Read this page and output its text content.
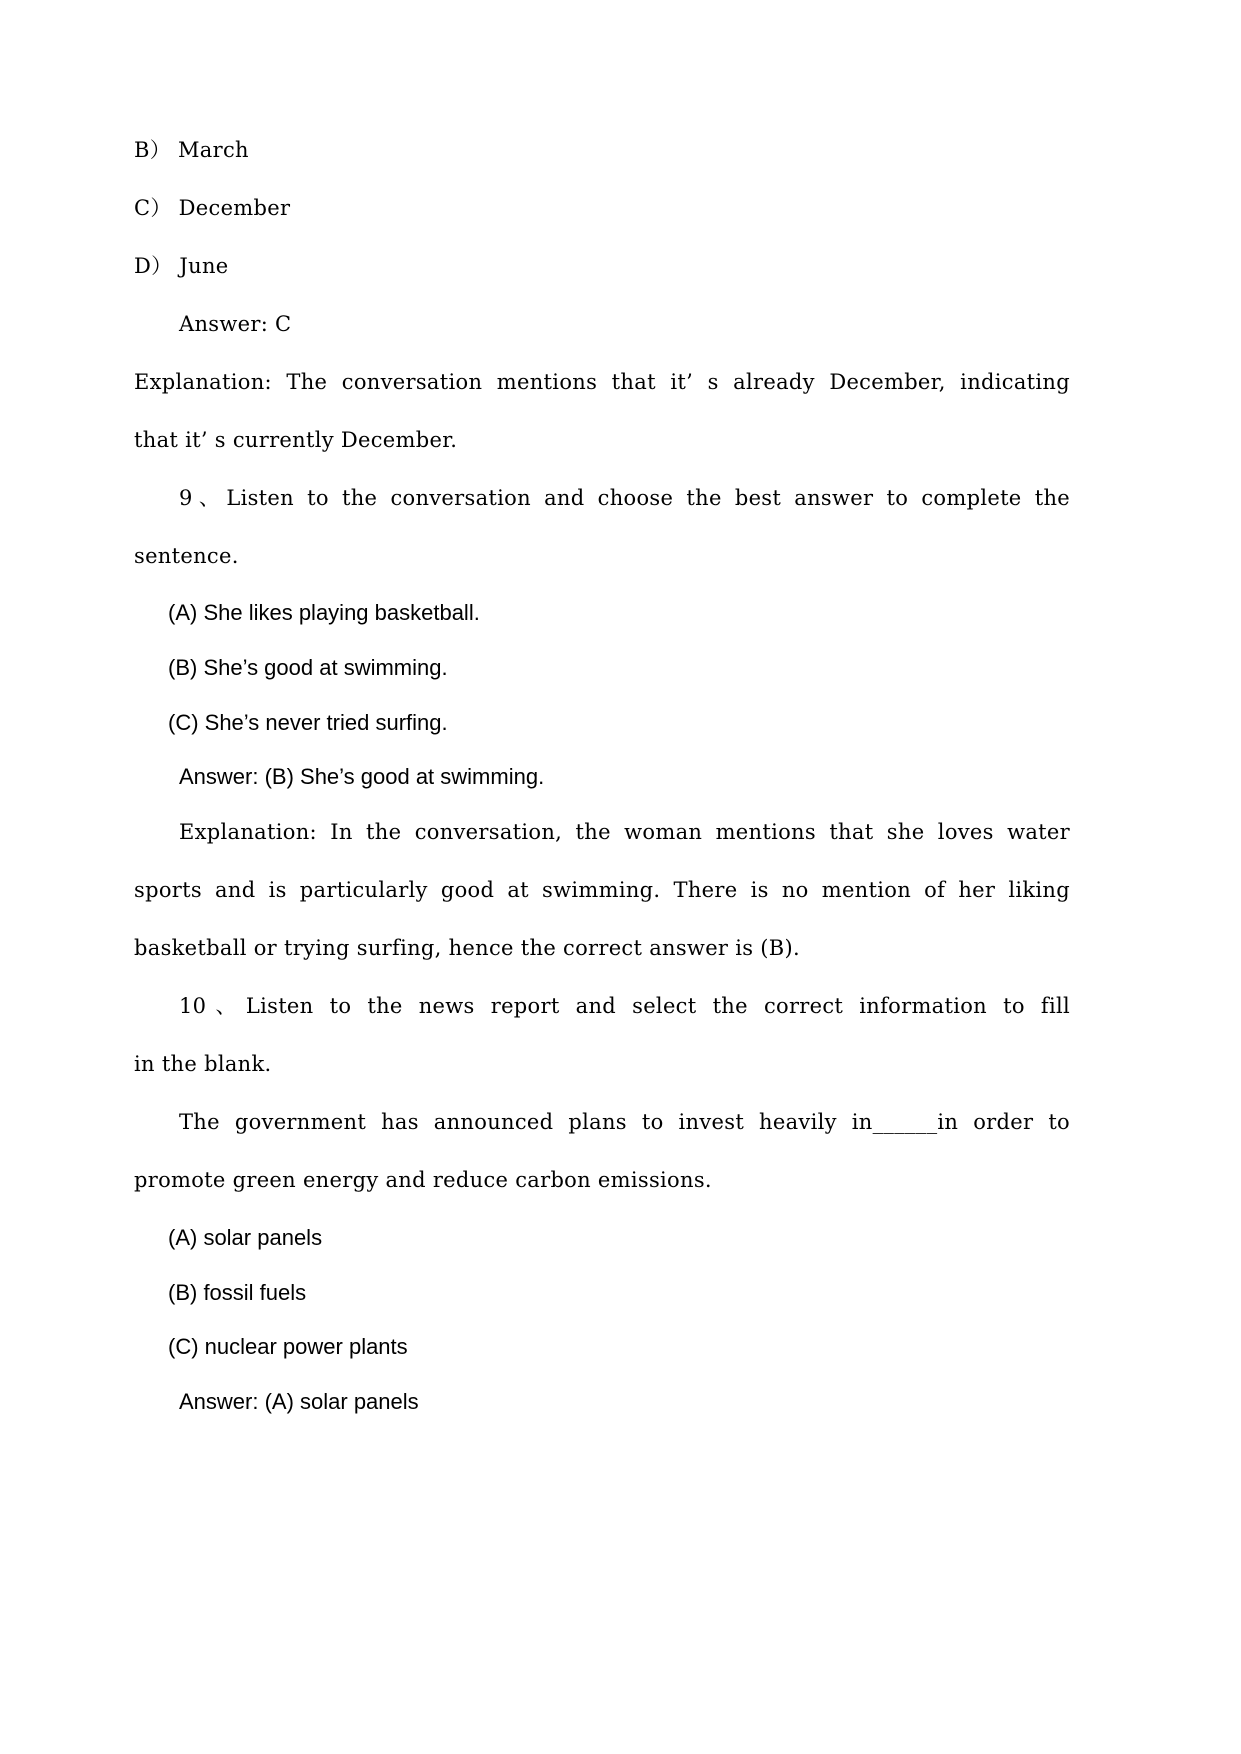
B） March
C） December
D） June
Answer: C
Explanation: The conversation mentions that it’ s already December, indicating
that it’ s currently December.
9、Listen to the conversation and choose the best answer to complete the
sentence.
(A) She likes playing basketball.
(B) She’s good at swimming.
(C) She’s never tried surfing.
Answer: (B) She’s good at swimming.
Explanation: In the conversation, the woman mentions that she loves water
sports and is particularly good at swimming. There is no mention of her liking
basketball or trying surfing, hence the correct answer is (B).
10、Listen to the news report and select the correct information to fill
in the blank.
The government has announced plans to invest heavily in______in order to
promote green energy and reduce carbon emissions.
(A) solar panels
(B) fossil fuels
(C) nuclear power plants
Answer: (A) solar panels
